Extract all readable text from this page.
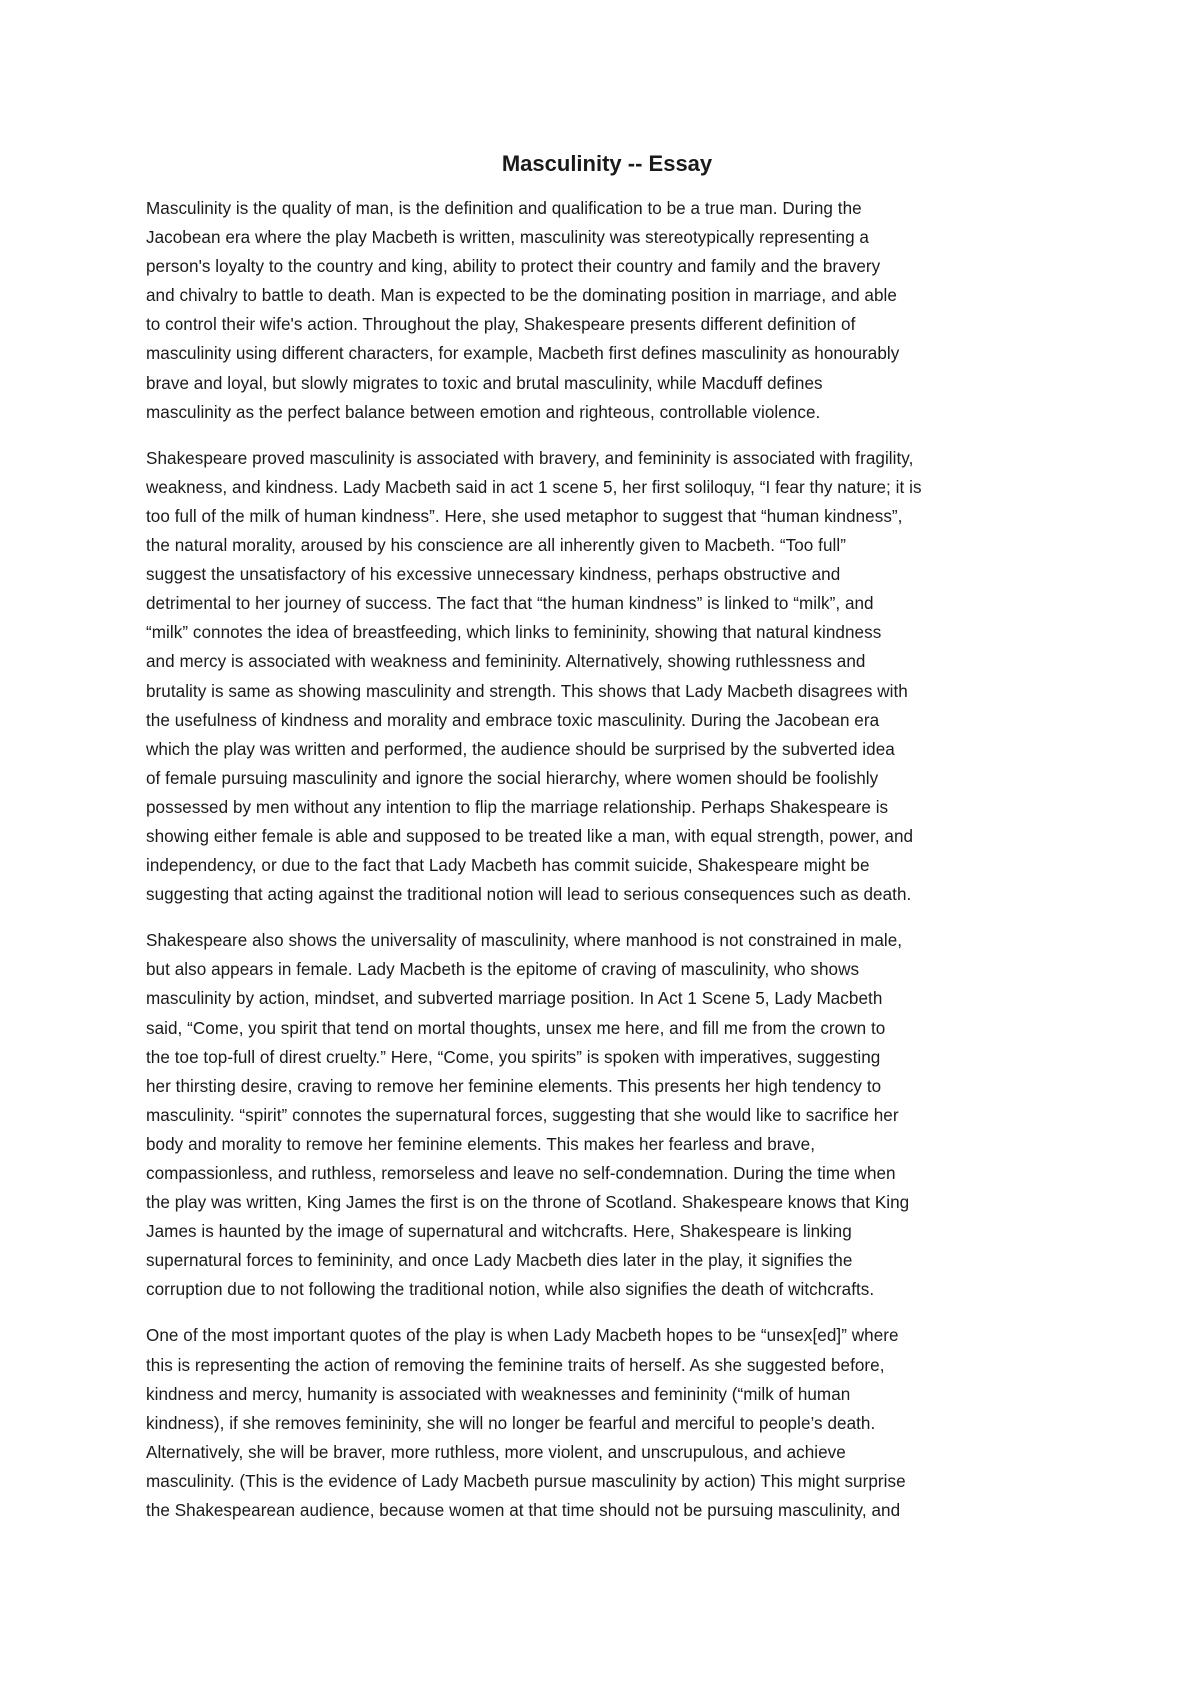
Masculinity -- Essay

Masculinity is the quality of man, is the definition and qualification to be a true man. During the
Jacobean era where the play Macbeth is written, masculinity was stereotypically representing a
person's loyalty to the country and king, ability to protect their country and family and the bravery
and chivalry to battle to death. Man is expected to be the dominating position in marriage, and able
to control their wife's action. Throughout the play, Shakespeare presents different definition of
masculinity using different characters, for example, Macbeth first defines masculinity as honourably
brave and loyal, but slowly migrates to toxic and brutal masculinity, while Macduff defines
masculinity as the perfect balance between emotion and righteous, controllable violence.

Shakespeare proved masculinity is associated with bravery, and femininity is associated with fragility,
weakness, and kindness. Lady Macbeth said in act 1 scene 5, her first soliloquy, “I fear thy nature; it is
too full of the milk of human kindness”. Here, she used metaphor to suggest that “human kindness”,
the natural morality, aroused by his conscience are all inherently given to Macbeth. “Too full”
suggest the unsatisfactory of his excessive unnecessary kindness, perhaps obstructive and
detrimental to her journey of success. The fact that “the human kindness” is linked to “milk”, and
“milk” connotes the idea of breastfeeding, which links to femininity, showing that natural kindness
and mercy is associated with weakness and femininity. Alternatively, showing ruthlessness and
brutality is same as showing masculinity and strength. This shows that Lady Macbeth disagrees with
the usefulness of kindness and morality and embrace toxic masculinity. During the Jacobean era
which the play was written and performed, the audience should be surprised by the subverted idea
of female pursuing masculinity and ignore the social hierarchy, where women should be foolishly
possessed by men without any intention to flip the marriage relationship. Perhaps Shakespeare is
showing either female is able and supposed to be treated like a man, with equal strength, power, and
independency, or due to the fact that Lady Macbeth has commit suicide, Shakespeare might be
suggesting that acting against the traditional notion will lead to serious consequences such as death.

Shakespeare also shows the universality of masculinity, where manhood is not constrained in male,
but also appears in female. Lady Macbeth is the epitome of craving of masculinity, who shows
masculinity by action, mindset, and subverted marriage position. In Act 1 Scene 5, Lady Macbeth
said, “Come, you spirit that tend on mortal thoughts, unsex me here, and fill me from the crown to
the toe top-full of direst cruelty.” Here, “Come, you spirits” is spoken with imperatives, suggesting
her thirsting desire, craving to remove her feminine elements. This presents her high tendency to
masculinity. “spirit” connotes the supernatural forces, suggesting that she would like to sacrifice her
body and morality to remove her feminine elements. This makes her fearless and brave,
compassionless, and ruthless, remorseless and leave no self-condemnation. During the time when
the play was written, King James the first is on the throne of Scotland. Shakespeare knows that King
James is haunted by the image of supernatural and witchcrafts. Here, Shakespeare is linking
supernatural forces to femininity, and once Lady Macbeth dies later in the play, it signifies the
corruption due to not following the traditional notion, while also signifies the death of witchcrafts.

One of the most important quotes of the play is when Lady Macbeth hopes to be “unsex[ed]” where
this is representing the action of removing the feminine traits of herself. As she suggested before,
kindness and mercy, humanity is associated with weaknesses and femininity (“milk of human
kindness), if she removes femininity, she will no longer be fearful and merciful to people’s death.
Alternatively, she will be braver, more ruthless, more violent, and unscrupulous, and achieve
masculinity. (This is the evidence of Lady Macbeth pursue masculinity by action) This might surprise
the Shakespearean audience, because women at that time should not be pursuing masculinity, and
